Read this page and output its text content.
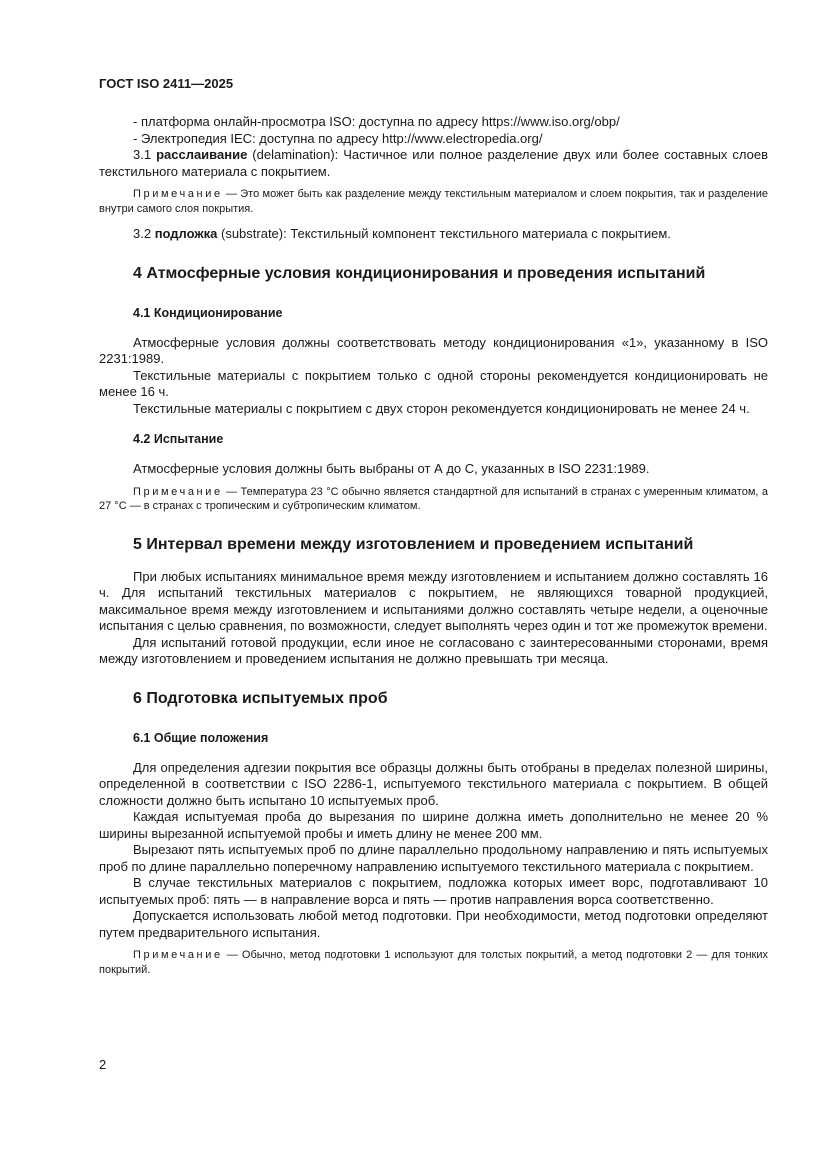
ГОСТ ISO 2411—2025

- платформа онлайн-просмотра ISO: доступна по адресу https://www.iso.org/obp/

- Электропедия IEC: доступна по адресу http://www.electropedia.org/

3.1 расслаивание (delamination): Частичное или полное разделение двух или более составных слоев текстильного материала с покрытием.

Примечание — Это может быть как разделение между текстильным материалом и слоем покрытия, так и разделение внутри самого слоя покрытия.

3.2 подложка (substrate): Текстильный компонент текстильного материала с покрытием.

4 Атмосферные условия кондиционирования и проведения испытаний
4.1 Кондиционирование

Атмосферные условия должны соответствовать методу кондиционирования «1», указанному в ISO 2231:1989.

Текстильные материалы с покрытием только с одной стороны рекомендуется кондиционировать не менее 16 ч.

Текстильные материалы с покрытием с двух сторон рекомендуется кондиционировать не менее 24 ч.

4.2 Испытание

Атмосферные условия должны быть выбраны от А до С, указанных в ISO 2231:1989.

Примечание — Температура 23 °С обычно является стандартной для испытаний в странах с умеренным климатом, а 27 °С — в странах с тропическим и субтропическим климатом.
5 Интервал времени между изготовлением и проведением испытаний

При любых испытаниях минимальное время между изготовлением и испытанием должно составлять 16 ч. Для испытаний текстильных материалов с покрытием, не являющихся товарной продукцией, максимальное время между изготовлением и испытаниями должно составлять четыре недели, а оценочные испытания с целью сравнения, по возможности, следует выполнять через один и тот же промежуток времени.

Для испытаний готовой продукции, если иное не согласовано с заинтересованными сторонами, время между изготовлением и проведением испытания не должно превышать три месяца.

6 Подготовка испытуемых проб
6.1 Общие положения

Для определения адгезии покрытия все образцы должны быть отобраны в пределах полезной ширины, определенной в соответствии с ISO 2286-1, испытуемого текстильного материала с покрытием. В общей сложности должно быть испытано 10 испытуемых проб.

Каждая испытуемая проба до вырезания по ширине должна иметь дополнительно не менее 20 % ширины вырезанной испытуемой пробы и иметь длину не менее 200 мм.

Вырезают пять испытуемых проб по длине параллельно продольному направлению и пять испытуемых проб по длине параллельно поперечному направлению испытуемого текстильного материала с покрытием.

В случае текстильных материалов с покрытием, подложка которых имеет ворс, подготавливают 10 испытуемых проб: пять — в направление ворса и пять — против направления ворса соответственно.

Допускается использовать любой метод подготовки. При необходимости, метод подготовки определяют путем предварительного испытания.

Примечание — Обычно, метод подготовки 1 используют для толстых покрытий, а метод подготовки 2 — для тонких покрытий.
2
